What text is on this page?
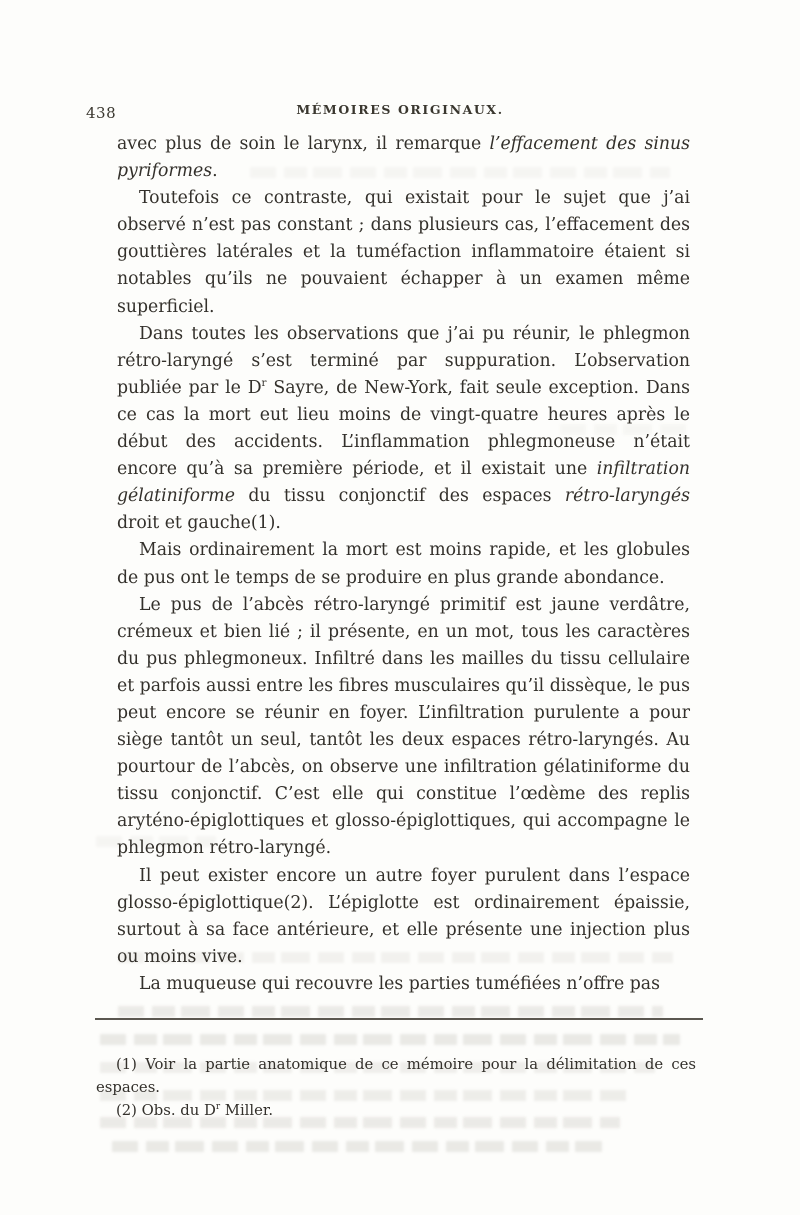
438	MÉMOIRES ORIGINAUX.

avec plus de soin le larynx, il remarque l’effacement des sinus pyriformes.

Toutefois ce contraste, qui existait pour le sujet que j’ai observé n’est pas constant ; dans plusieurs cas, l’effacement des gouttières latérales et la tuméfaction inflammatoire étaient si notables qu’ils ne pouvaient échapper à un examen même superficiel.

Dans toutes les observations que j’ai pu réunir, le phlegmon rétro-laryngé s’est terminé par suppuration. L’observation publiée par le $D^r$ Sayre, de New-York, fait seule exception. Dans ce cas la mort eut lieu moins de vingt-quatre heures après le début des accidents. L’inflammation phlegmoneuse n’était encore qu’à sa première période, et il existait une infiltration gélatiniforme du tissu conjonctif des espaces rétro-laryngés droit et gauche(1).

Mais ordinairement la mort est moins rapide, et les globules de pus ont le temps de se produire en plus grande abondance.

Le pus de l’abcès rétro-laryngé primitif est jaune verdâtre, crémeux et bien lié ; il présente, en un mot, tous les caractères du pus phlegmoneux. Infiltré dans les mailles du tissu cellulaire et parfois aussi entre les fibres musculaires qu’il dissèque, le pus peut encore se réunir en foyer. L’infiltration purulente a pour siège tantôt un seul, tantôt les deux espaces rétro-laryngés. Au pourtour de l’abcès, on observe une infiltration gélatiniforme du tissu conjonctif. C’est elle qui constitue l’œdème des replis aryténo-épiglottiques et glosso-épiglottiques, qui accompagne le phlegmon rétro-laryngé.

Il peut exister encore un autre foyer purulent dans l’espace glosso-épiglottique(2). L’épiglotte est ordinairement épaissie, surtout à sa face antérieure, et elle présente une injection plus ou moins vive.

La muqueuse qui recouvre les parties tuméfiées n’offre pas

(1) Voir la partie anatomique de ce mémoire pour la délimitation de ces espaces.

(2) Obs. du $D^r$ Miller.
